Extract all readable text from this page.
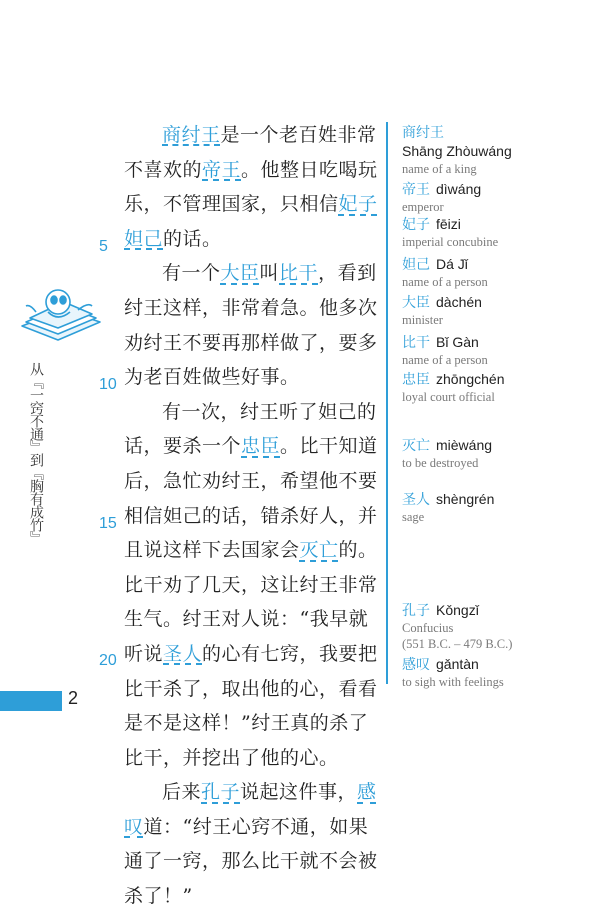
从『一窍不通』到『胸有成竹』
5
10
15
20

商纣王是一个老百姓非常不喜欢的帝王。他整日吃喝玩乐，不管理国家，只相信妃子妲己的话。

有一个大臣叫比干，看到纣王这样，非常着急。他多次劝纣王不要再那样做了，要多为老百姓做些好事。

有一次，纣王听了妲己的话，要杀一个忠臣。比干知道后，急忙劝纣王，希望他不要相信妲己的话，错杀好人，并且说这样下去国家会灭亡的。比干劝了几天，这让纣王非常生气。纣王对人说：“我早就听说圣人的心有七窍，我要把比干杀了，取出他的心，看看是不是这样！”纣王真的杀了比干，并挖出了他的心。

后来孔子说起这件事，感叹道：“纣王心窍不通，如果通了一窍，那么比干就不会被杀了！”

商纣王
Shāng Zhòuwáng
name of a king
帝王 dìwáng
emperor
妃子 fēizi
imperial concubine
妲己 Dá Jǐ
name of a person
大臣 dàchén
minister
比干 Bǐ Gàn
name of a person
忠臣 zhōngchén
loyal court official
灭亡 mièwáng
to be destroyed
圣人 shèngrén
sage
孔子 Kǒngzǐ
Confucius
(551 B.C. – 479 B.C.)
感叹 gǎntàn
to sigh with feelings
2
